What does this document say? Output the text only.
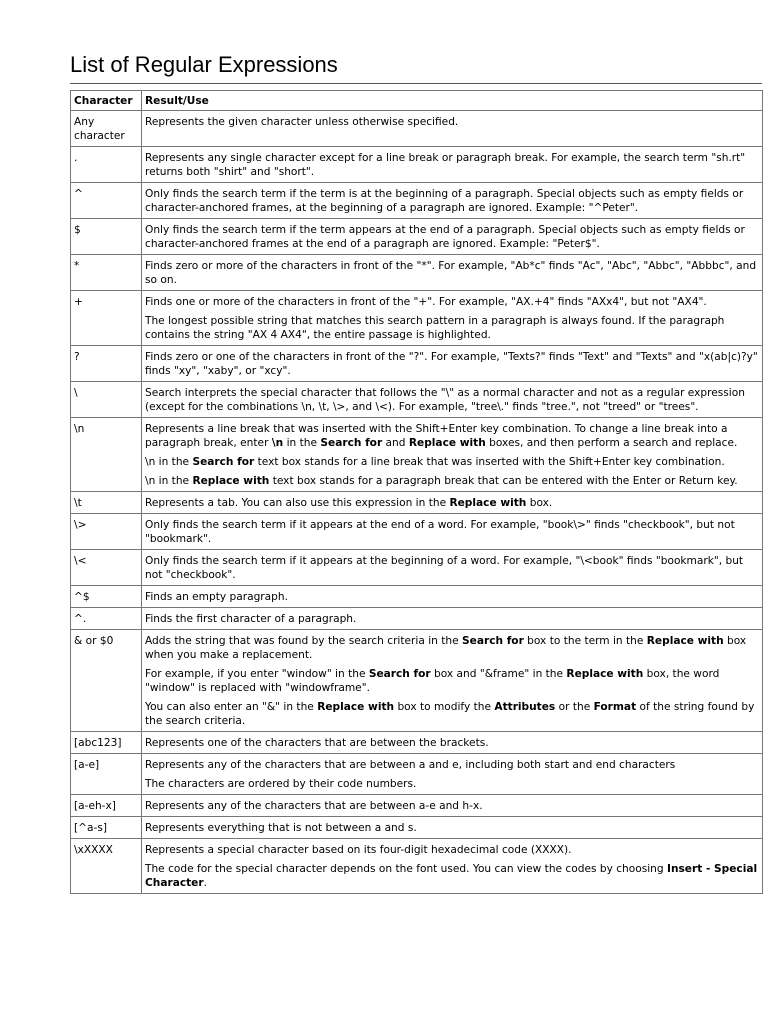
List of Regular Expressions
Character	Result/Use
Any character	Represents the given character unless otherwise specified.

.	Represents any single character except for a line break or paragraph break. For example, the search term "sh.rt" returns both "shirt" and "short".

^	Only finds the search term if the term is at the beginning of a paragraph. Special objects such as empty fields or character-anchored frames, at the beginning of a paragraph are ignored. Example: "^Peter".

$	Only finds the search term if the term appears at the end of a paragraph. Special objects such as empty fields or character-anchored frames at the end of a paragraph are ignored. Example: "Peter$".

*	Finds zero or more of the characters in front of the "*". For example, "Ab*c" finds "Ac", "Abc", "Abbc", "Abbbc", and so on.

+	Finds one or more of the characters in front of the "+". For example, "AX.+4" finds "AXx4", but not "AX4".

The longest possible string that matches this search pattern in a paragraph is always found. If the paragraph contains the string "AX 4 AX4", the entire passage is highlighted.

?	Finds zero or one of the characters in front of the "?". For example, "Texts?" finds "Text" and "Texts" and "x(ab|c)?y" finds "xy", "xaby", or "xcy".

\	Search interprets the special character that follows the "\" as a normal character and not as a regular expression (except for the combinations \n, \t, \>, and \<). For example, "tree\." finds "tree.", not "treed" or "trees".

\n	Represents a line break that was inserted with the Shift+Enter key combination. To change a line break into a paragraph break, enter \n in the Search for and Replace with boxes, and then perform a search and replace.

\n in the Search for text box stands for a line break that was inserted with the Shift+Enter key combination.

\n in the Replace with text box stands for a paragraph break that can be entered with the Enter or Return key.

\t	Represents a tab. You can also use this expression in the Replace with box.

\>	Only finds the search term if it appears at the end of a word. For example, "book\>" finds "checkbook", but not "bookmark".

\<	Only finds the search term if it appears at the beginning of a word. For example, "\<book" finds "bookmark", but not "checkbook".

^$	Finds an empty paragraph.

^.	Finds the first character of a paragraph.

& or $0	Adds the string that was found by the search criteria in the Search for box to the term in the Replace with box when you make a replacement.

For example, if you enter "window" in the Search for box and "&frame" in the Replace with box, the word "window" is replaced with "windowframe".

You can also enter an "&" in the Replace with box to modify the Attributes or the Format of the string found by the search criteria.

[abc123]	Represents one of the characters that are between the brackets.

[a-e]	Represents any of the characters that are between a and e, including both start and end characters

The characters are ordered by their code numbers.

[a-eh-x]	Represents any of the characters that are between a-e and h-x.

[^a-s]	Represents everything that is not between a and s.

\xXXXX	Represents a special character based on its four-digit hexadecimal code (XXXX).

The code for the special character depends on the font used. You can view the codes by choosing Insert - Special Character.
